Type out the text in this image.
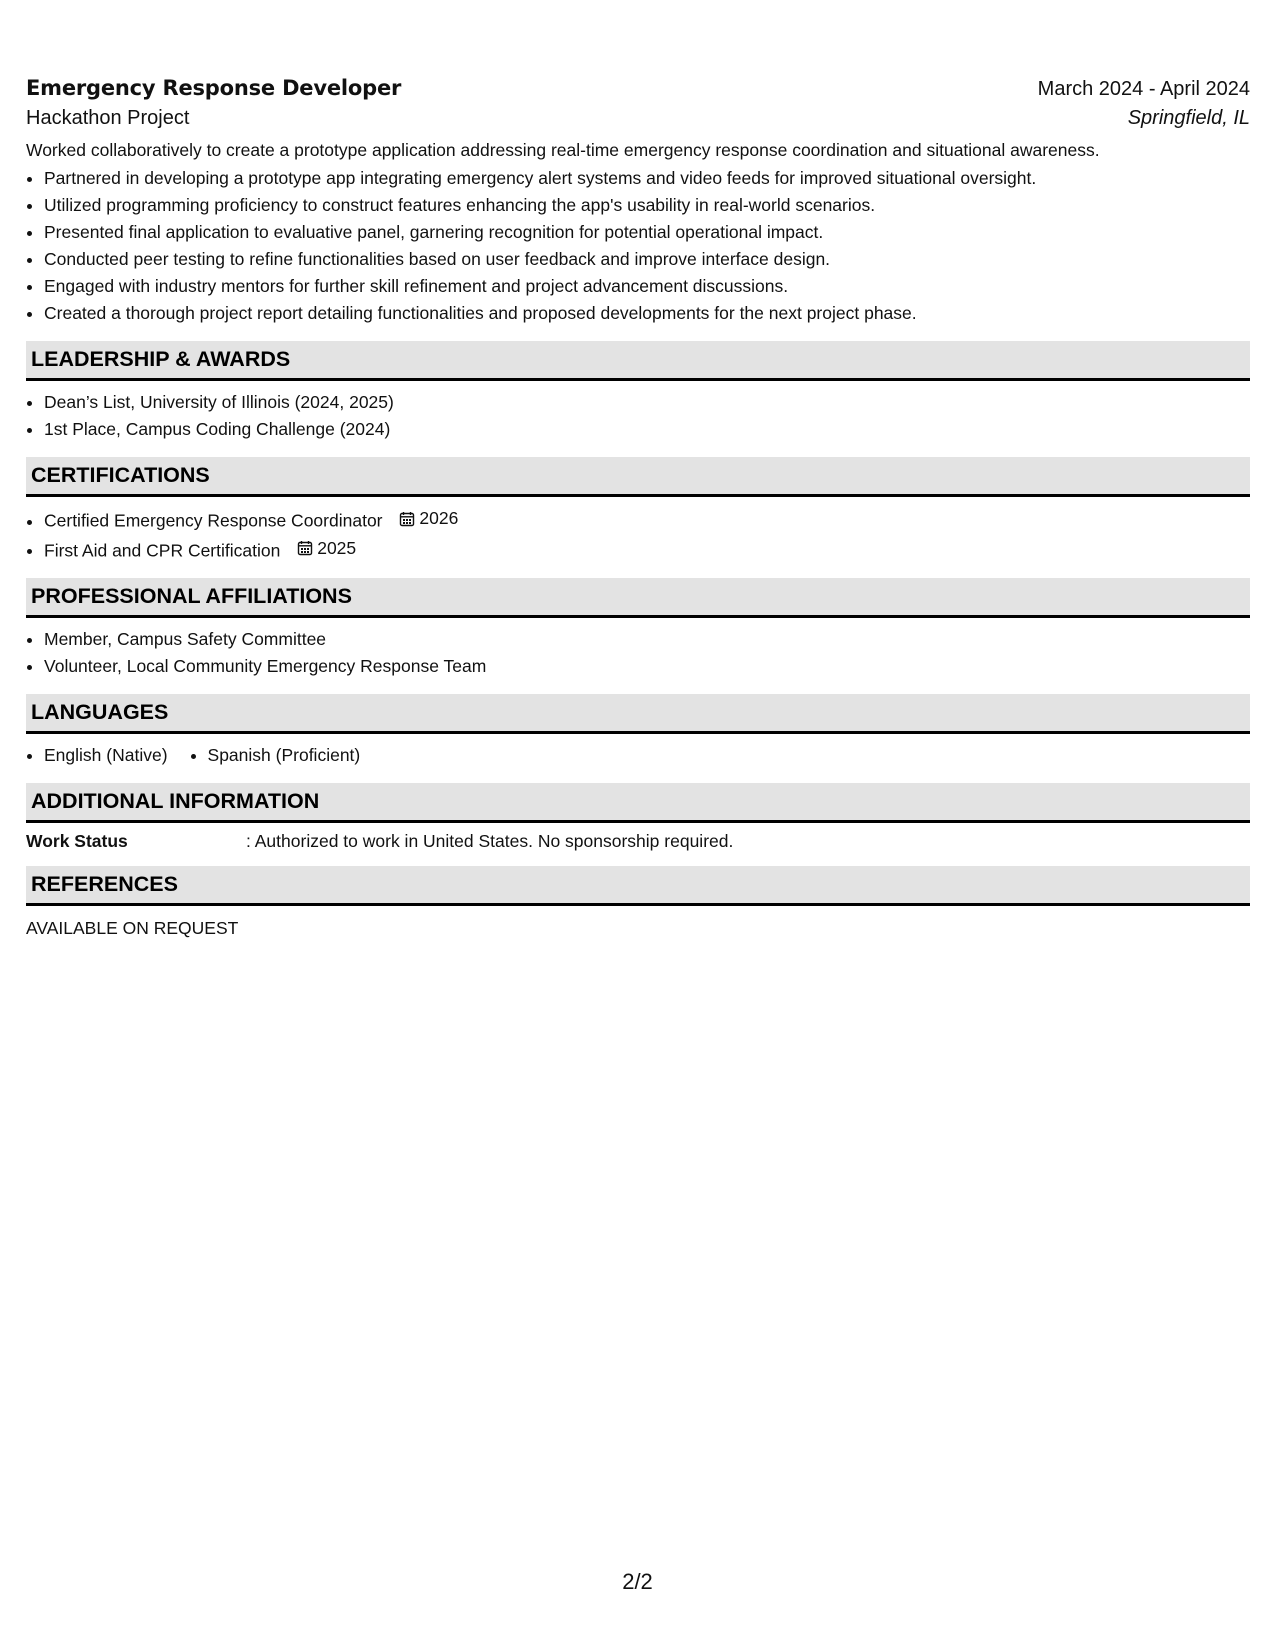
Emergency Response Developer	March 2024 - April 2024
Hackathon Project	Springfield, IL
Worked collaboratively to create a prototype application addressing real-time emergency response coordination and situational awareness.
• Partnered in developing a prototype app integrating emergency alert systems and video feeds for improved situational oversight.
• Utilized programming proficiency to construct features enhancing the app's usability in real-world scenarios.
• Presented final application to evaluative panel, garnering recognition for potential operational impact.
• Conducted peer testing to refine functionalities based on user feedback and improve interface design.
• Engaged with industry mentors for further skill refinement and project advancement discussions.
• Created a thorough project report detailing functionalities and proposed developments for the next project phase.
LEADERSHIP & AWARDS
• Dean’s List, University of Illinois (2024, 2025)
• 1st Place, Campus Coding Challenge (2024)
CERTIFICATIONS
• Certified Emergency Response Coordinator 2026
• First Aid and CPR Certification 2025
PROFESSIONAL AFFILIATIONS
• Member, Campus Safety Committee
• Volunteer, Local Community Emergency Response Team
LANGUAGES
• English (Native)
• Spanish (Proficient)
ADDITIONAL INFORMATION
Work Status	: Authorized to work in United States. No sponsorship required.
REFERENCES
AVAILABLE ON REQUEST
2/2
